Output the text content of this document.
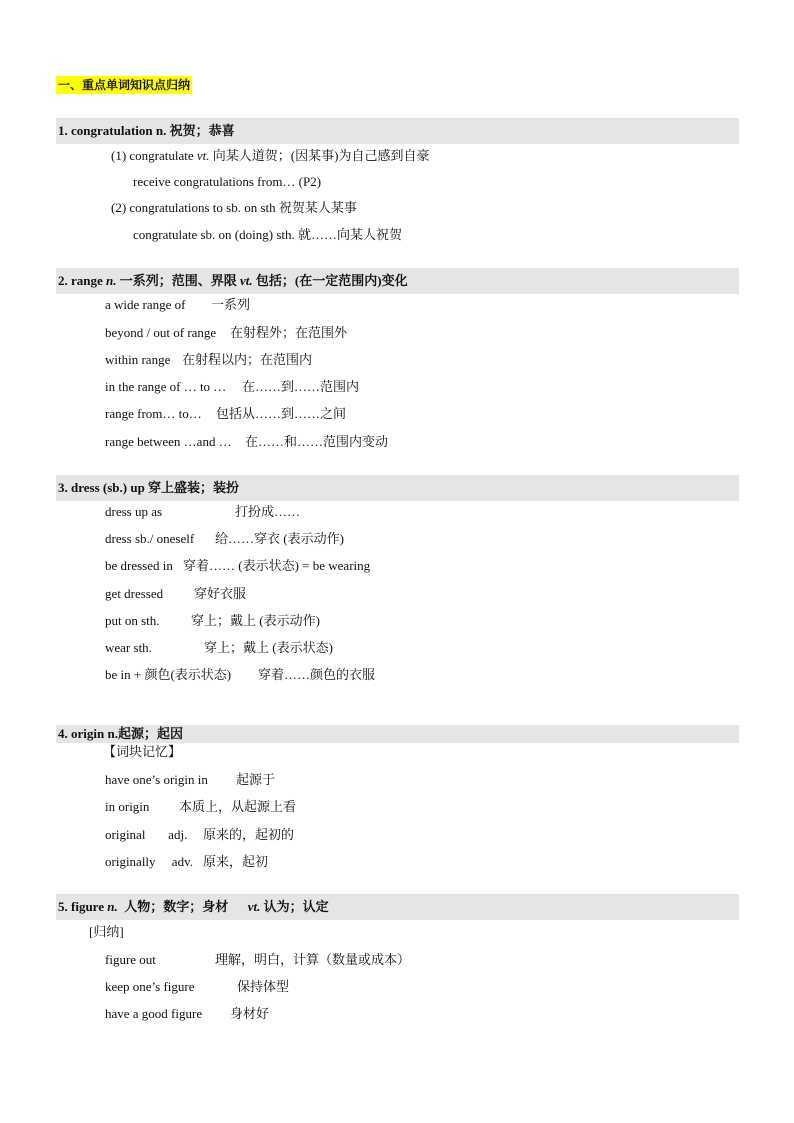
一、重点单词知识点归纳
1. congratulation n. 祝贺；恭喜
(1) congratulate vt. 向某人道贺；(因某事)为自己感到自豪
receive congratulations from… (P2)
(2) congratulations to sb. on sth 祝贺某人某事
congratulate sb. on (doing) sth. 就……向某人祝贺
2. range n. 一系列；范围、界限 vt. 包括；(在一定范围内)变化
a wide range of 一系列
beyond / out of range 在射程外；在范围外
within range 在射程以内；在范围内
in the range of … to … 在……到……范围内
range from… to… 包括从……到……之间
range between …and … 在……和……范围内变动
3. dress (sb.) up 穿上盛装；装扮
dress up as	打扮成……
dress sb./ oneself 给……穿衣 (表示动作)
be dressed in 穿着…… (表示状态) = be wearing
get dressed 穿好衣服
put on sth. 穿上；戴上 (表示动作)
wear sth.	穿上；戴上 (表示状态)
be in + 颜色(表示状态) 穿着……颜色的衣服
4. origin n.起源；起因
【词块记忆】
have one’s origin in 起源于
in origin 本质上，从起源上看
original       adj. 原来的，起初的
originally     adv. 原来，起初
5. figure n.  人物；数字；身材      vt. 认为；认定
[归纳]
figure out	理解，明白，计算（数量或成本）
keep one’s figure	保持体型
have a good figure 身材好
